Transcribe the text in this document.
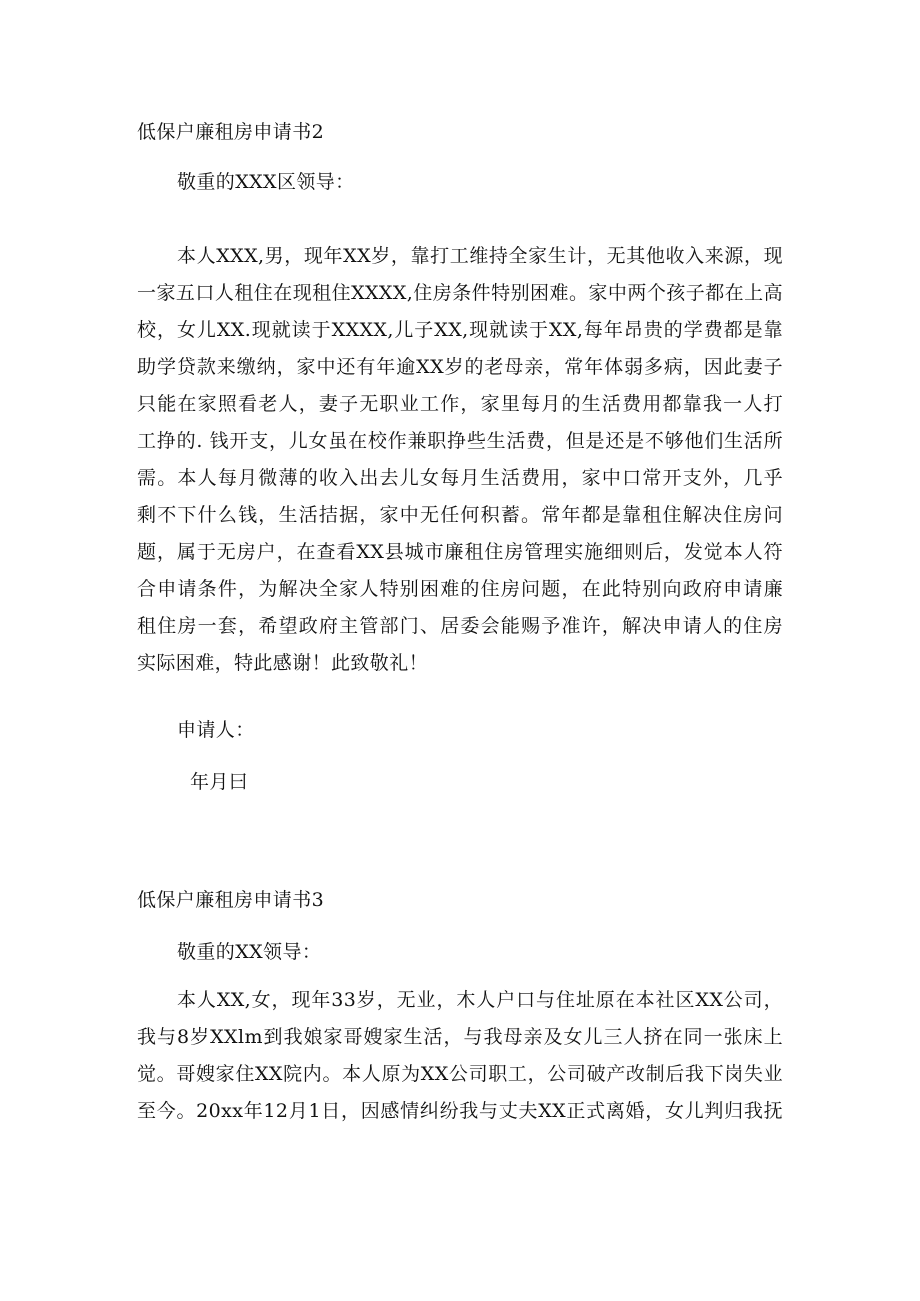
低保户廉租房申请书2
敬重的XXX区领导：
本人XXX,男，现年XX岁，靠打工维持全家生计，无其他收入来源，现
一家五口人租住在现租住XXXX,住房条件特别困难。家中两个孩子都在上高
校，女儿XX.现就读于XXXX,儿子XX,现就读于XX,每年昂贵的学费都是靠
助学贷款来缴纳，家中还有年逾XX岁的老母亲，常年体弱多病，因此妻子
只能在家照看老人，妻子无职业工作，家里每月的生活费用都靠我一人打
工挣的. 钱开支，儿女虽在校作兼职挣些生活费，但是还是不够他们生活所
需。本人每月微薄的收入出去儿女每月生活费用，家中口常开支外，几乎
剩不下什么钱，生活拮据，家中无任何积蓄。常年都是靠租住解决住房问
题，属于无房户，在查看XX县城市廉租住房管理实施细则后，发觉本人符
合申请条件，为解决全家人特别困难的住房问题，在此特别向政府申请廉
租住房一套，希望政府主管部门、居委会能赐予准许，解决申请人的住房
实际困难，特此感谢！此致敬礼！
申请人：
年月曰
低保户廉租房申请书3
敬重的XX领导：
本人XX,女，现年33岁，无业，木人户口与住址原在本社区XX公司，
我与8岁XXlm到我娘家哥嫂家生活，与我母亲及女儿三人挤在同一张床上
觉。哥嫂家住XX院内。本人原为XX公司职工，公司破产改制后我下岗失业
至今。20xx年12月1日，因感情纠纷我与丈夫XX正式离婚，女儿判归我抚
